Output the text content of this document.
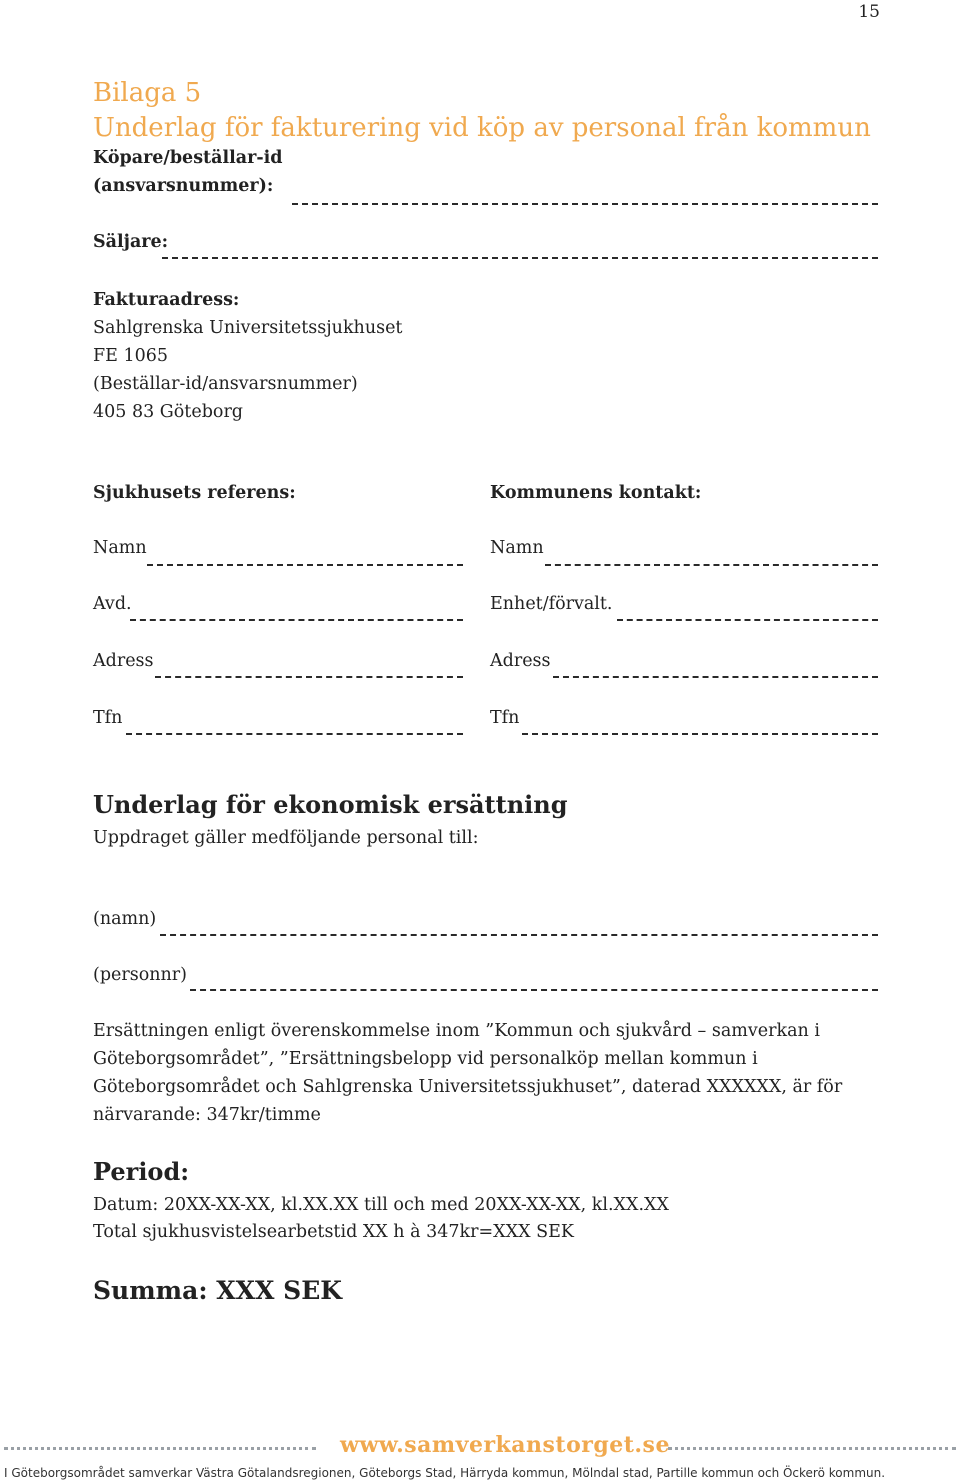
15
Bilaga 5
Underlag för fakturering vid köp av personal från kommun
Köpare/beställar-id
(ansvarsnummer):
Säljare:
Fakturaadress:
Sahlgrenska Universitetssjukhuset
FE 1065
(Beställar-id/ansvarsnummer)
405 83 Göteborg
Sjukhusets referens:	Kommunens kontakt:
Namn	Namn
Avd.	Enhet/förvalt.
Adress	Adress
Tfn	Tfn
Underlag för ekonomisk ersättning
Uppdraget gäller medföljande personal till:
(namn)
(personnr)
Ersättningen enligt överenskommelse inom ”Kommun och sjukvård – samverkan i Göteborgsområdet”, ”Ersättningsbelopp vid personalköp mellan kommun i Göteborgsområdet och Sahlgrenska Universitetssjukhuset”, daterad XXXXXX, är för närvarande: 347kr/timme
Period:
Datum: 20XX-XX-XX, kl.XX.XX till och med 20XX-XX-XX, kl.XX.XX
Total sjukhusvistelsearbetstid XX h à 347kr=XXX SEK
Summa: XXX SEK
www.samverkanstorget.se
I Göteborgsområdet samverkar Västra Götalandsregionen, Göteborgs Stad, Härryda kommun, Mölndal stad, Partille kommun och Öckerö kommun.
